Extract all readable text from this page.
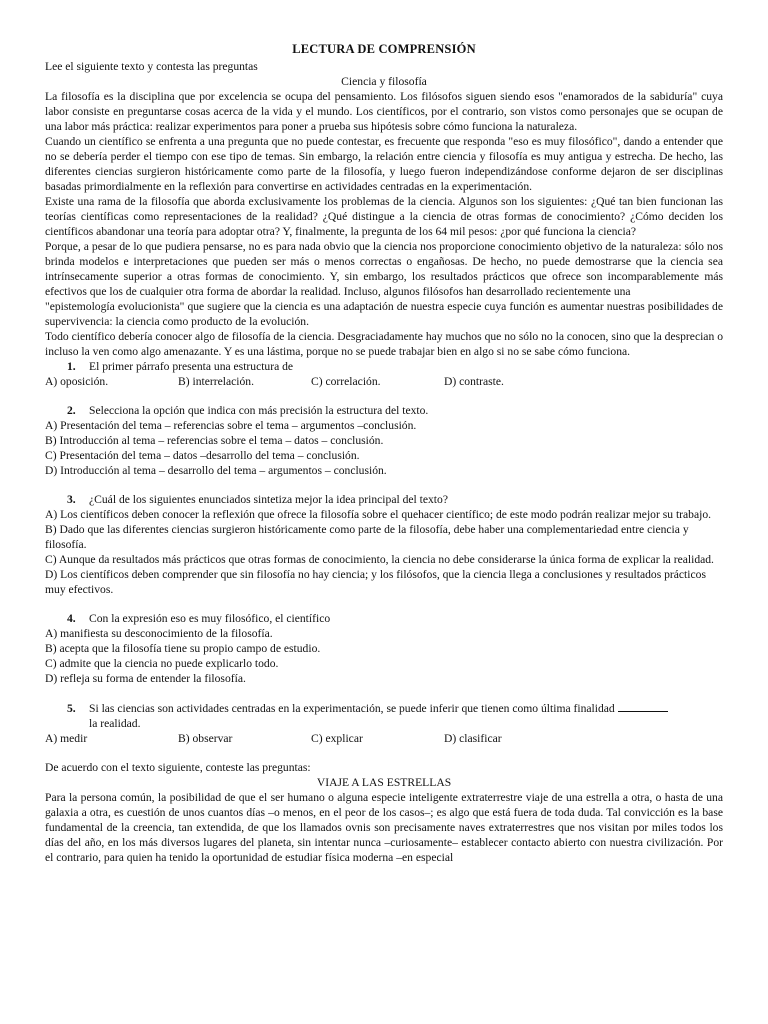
LECTURA DE COMPRENSIÓN

Lee el siguiente texto y contesta las preguntas

Ciencia y filosofía

La filosofía es la disciplina que por excelencia se ocupa del pensamiento. Los filósofos siguen siendo esos "enamorados de la sabiduría" cuya labor consiste en preguntarse cosas acerca de la vida y el mundo. Los científicos, por el contrario, son vistos como personajes que se ocupan de una labor más práctica: realizar experimentos para poner a prueba sus hipótesis sobre cómo funciona la naturaleza.

Cuando un científico se enfrenta a una pregunta que no puede contestar, es frecuente que responda "eso es muy filosófico", dando a entender que no se debería perder el tiempo con ese tipo de temas. Sin embargo, la relación entre ciencia y filosofía es muy antigua y estrecha. De hecho, las diferentes ciencias surgieron históricamente como parte de la filosofía, y luego fueron independizándose conforme dejaron de ser disciplinas basadas primordialmente en la reflexión para convertirse en actividades centradas en la experimentación.

Existe una rama de la filosofía que aborda exclusivamente los problemas de la ciencia. Algunos son los siguientes: ¿Qué tan bien funcionan las teorías científicas como representaciones de la realidad? ¿Qué distingue a la ciencia de otras formas de conocimiento? ¿Cómo deciden los científicos abandonar una teoría para adoptar otra? Y, finalmente, la pregunta de los 64 mil pesos: ¿por qué funciona la ciencia?

Porque, a pesar de lo que pudiera pensarse, no es para nada obvio que la ciencia nos proporcione conocimiento objetivo de la naturaleza: sólo nos brinda modelos e interpretaciones que pueden ser más o menos correctas o engañosas. De hecho, no puede demostrarse que la ciencia sea intrínsecamente superior a otras formas de conocimiento. Y, sin embargo, los resultados prácticos que ofrece son incomparablemente más efectivos que los de cualquier otra forma de abordar la realidad. Incluso, algunos filósofos han desarrollado recientemente una

"epistemología evolucionista" que sugiere que la ciencia es una adaptación de nuestra especie cuya función es aumentar nuestras posibilidades de supervivencia: la ciencia como producto de la evolución.

Todo científico debería conocer algo de filosofía de la ciencia. Desgraciadamente hay muchos que no sólo no la conocen, sino que la desprecian o incluso la ven como algo amenazante. Y es una lástima, porque no se puede trabajar bien en algo si no se sabe cómo funciona.

1. El primer párrafo presenta una estructura de

A) oposición.	B) interrelación.	C) correlación.	D) contraste.

2. Selecciona la opción que indica con más precisión la estructura del texto.

A) Presentación del tema – referencias sobre el tema – argumentos –conclusión.

B) Introducción al tema – referencias sobre el tema – datos – conclusión.

C) Presentación del tema – datos –desarrollo del tema – conclusión.

D) Introducción al tema – desarrollo del tema – argumentos – conclusión.

3. ¿Cuál de los siguientes enunciados sintetiza mejor la idea principal del texto?

A) Los científicos deben conocer la reflexión que ofrece la filosofía sobre el quehacer científico; de este modo podrán realizar mejor su trabajo.

B) Dado que las diferentes ciencias surgieron históricamente como parte de la filosofía, debe haber una complementariedad entre ciencia y filosofía.

C) Aunque da resultados más prácticos que otras formas de conocimiento, la ciencia no debe considerarse la única forma de explicar la realidad.

D) Los científicos deben comprender que sin filosofía no hay ciencia; y los filósofos, que la ciencia llega a conclusiones y resultados prácticos muy efectivos.

4. Con la expresión eso es muy filosófico, el científico

A) manifiesta su desconocimiento de la filosofía.

B) acepta que la filosofía tiene su propio campo de estudio.

C) admite que la ciencia no puede explicarlo todo.

D) refleja su forma de entender la filosofía.

5. Si las ciencias son actividades centradas en la experimentación, se puede inferir que tienen como última finalidad

la realidad.

A) medir	B) observar	C) explicar	D) clasificar

De acuerdo con el texto siguiente, conteste las preguntas:

VIAJE A LAS ESTRELLAS

Para la persona común, la posibilidad de que el ser humano o alguna especie inteligente extraterrestre viaje de una estrella a otra, o hasta de una galaxia a otra, es cuestión de unos cuantos días –o menos, en el peor de los casos–; es algo que está fuera de toda duda. Tal convicción es la base fundamental de la creencia, tan extendida, de que los llamados ovnis son precisamente naves extraterrestres que nos visitan por miles todos los días del año, en los más diversos lugares del planeta, sin intentar nunca –curiosamente– establecer contacto abierto con nuestra civilización. Por el contrario, para quien ha tenido la oportunidad de estudiar física moderna –en especial
